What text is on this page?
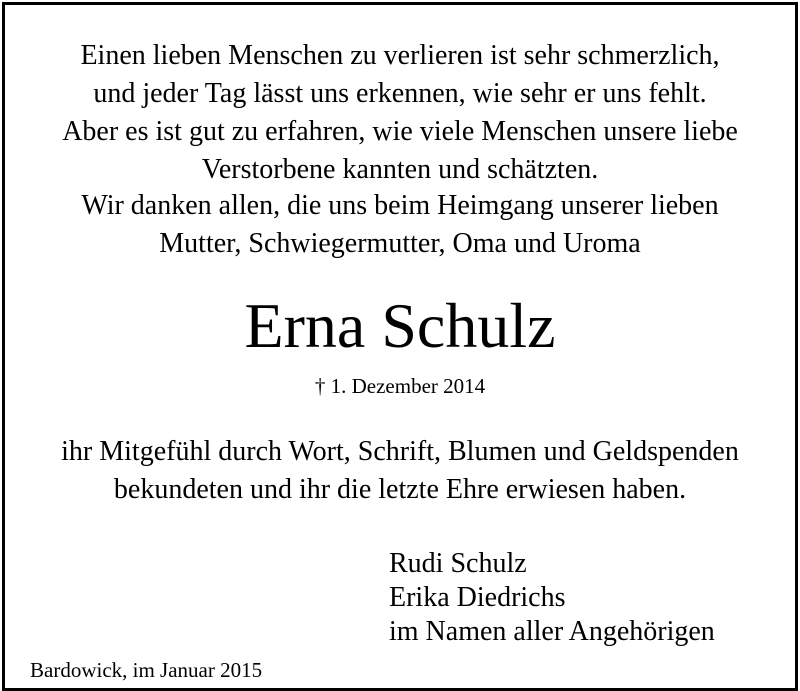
Einen lieben Menschen zu verlieren ist sehr schmerzlich,
und jeder Tag lässt uns erkennen, wie sehr er uns fehlt.
Aber es ist gut zu erfahren, wie viele Menschen unsere liebe
Verstorbene kannten und schätzten.
Wir danken allen, die uns beim Heimgang unserer lieben
Mutter, Schwiegermutter, Oma und Uroma
Erna Schulz
† 1. Dezember 2014
ihr Mitgefühl durch Wort, Schrift, Blumen und Geldspenden
bekundeten und ihr die letzte Ehre erwiesen haben.
Rudi Schulz
Erika Diedrichs
im Namen aller Angehörigen
Bardowick, im Januar 2015
